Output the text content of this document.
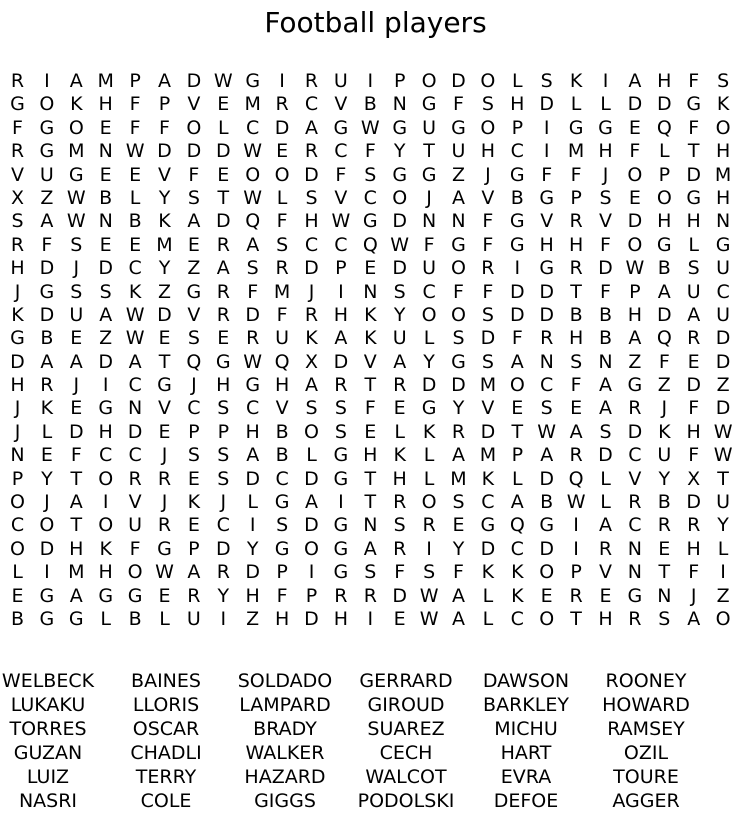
Football players
R	I	A M P A D W G	I	R U	I	P O D O L S K	I	A H F S
G O K H F P V E M R C V B N G F S H D L L D D G K
F G O E F F O L C D A G W G U G O P	I	G G E Q F O
R G M N W D D D W E R C F Y T U H C	I M H F L T H
V U G E E V F E O O D F S G G Z	J	G F F	J	O P D M
X Z W B L Y S T W L S V C O	J	A V B G P S E O G H
S A W N B K A D Q F H W G D N N F G V R V D H H N
R F S E E M E R A S C C Q W F G F G H H F O G L G
H D	J	D C Y Z A S R D P E D U O R	I	G R D W B S U
J	G S S K Z G R F M J	I	N S C F F D D T F P A U C
K D U A W D V R D F R H K Y O O S D D B B H D A U
G B E Z W E S E R U K A K U L S D F R H B A Q R D
D A A D A T Q G W Q X D V A Y G S A N S N Z F E D
H R	J	I	C G	J	H G H A R T R D D M O C F A G Z D Z
J	K E G N V C S C V S S F E G Y V E S E A R	J	F D
J	L D H D E P P H B O S E L K R D T W A S D K H W
N E F C C	J	S S A B L G H K L A M P A R D C U F W
P Y T O R R E S D C D G T H L M K L D Q L V Y X T
O	J	A	I	V	J	K	J	L G A	I	T R O S C A B W L R B D U
C O T O U R E C	I	S D G N S R E G Q G	I	A C R R Y
O D H K F G P D Y G O G A R	I	Y D C D	I	R N E H L
L	I M H O W A R D P	I	G S F S F K K O P V N T F	I
E G A G G E R Y H F P R R D W A L K E R E G N	J	Z
B G G L B L U	I	Z H D H	I	E W A L C O T H R S A O
WELBECK	BAINES	SOLDADO	GERRARD	DAWSON	ROONEY
LUKAKU	LLORIS	LAMPARD	GIROUD	BARKLEY	HOWARD
TORRES	OSCAR	BRADY	SUAREZ	MICHU	RAMSEY
GUZAN	CHADLI	WALKER	CECH	HART	OZIL
LUIZ	TERRY	HAZARD	WALCOT	EVRA	TOURE
NASRI	COLE	GIGGS	PODOLSKI	DEFOE	AGGER
